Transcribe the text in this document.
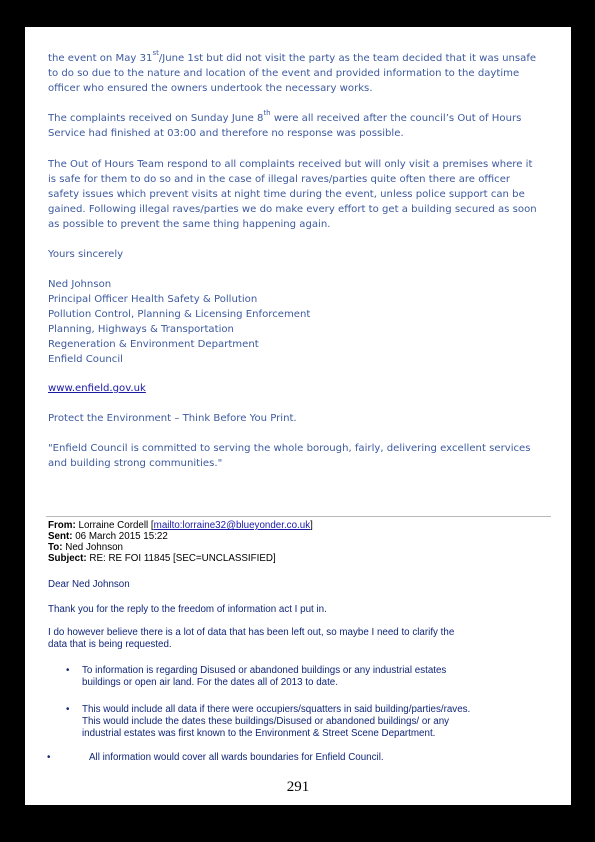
the event on May 31st/June 1st but did not visit the party as the team decided that it was unsafe

to do so due to the nature and location of the event and provided information to the daytime

officer who ensured the owners undertook the necessary works.

The complaints received on Sunday June 8th were all received after the council’s Out of Hours

Service had finished at 03:00 and therefore no response was possible.

The Out of Hours Team respond to all complaints received but will only visit a premises where it

is safe for them to do so and in the case of illegal raves/parties quite often there are officer

safety issues which prevent visits at night time during the event, unless police support can be

gained. Following illegal raves/parties we do make every effort to get a building secured as soon

as possible to prevent the same thing happening again.

Yours sincerely

Ned Johnson

Principal Officer Health Safety & Pollution

Pollution Control, Planning & Licensing Enforcement

Planning, Highways & Transportation

Regeneration & Environment Department

Enfield Council

www.enfield.gov.uk

Protect the Environment – Think Before You Print.

"Enfield Council is committed to serving the whole borough, fairly, delivering excellent services

and building strong communities."

From: Lorraine Cordell [mailto:lorraine32@blueyonder.co.uk]
Sent: 06 March 2015 15:22
To: Ned Johnson
Subject: RE: RE FOI 11845 [SEC=UNCLASSIFIED]

Dear Ned Johnson

Thank you for the reply to the freedom of information act I put in.

I do however believe there is a lot of data that has been left out, so maybe I need to clarify the

data that is being requested.

• To information is regarding Disused or abandoned buildings or any industrial estates

buildings or open air land. For the dates all of 2013 to date.

• This would include all data if there were occupiers/squatters in said building/parties/raves.

This would include the dates these buildings/Disused or abandoned buildings/ or any

industrial estates was first known to the Environment & Street Scene Department.

•	All information would cover all wards boundaries for Enfield Council.

291
